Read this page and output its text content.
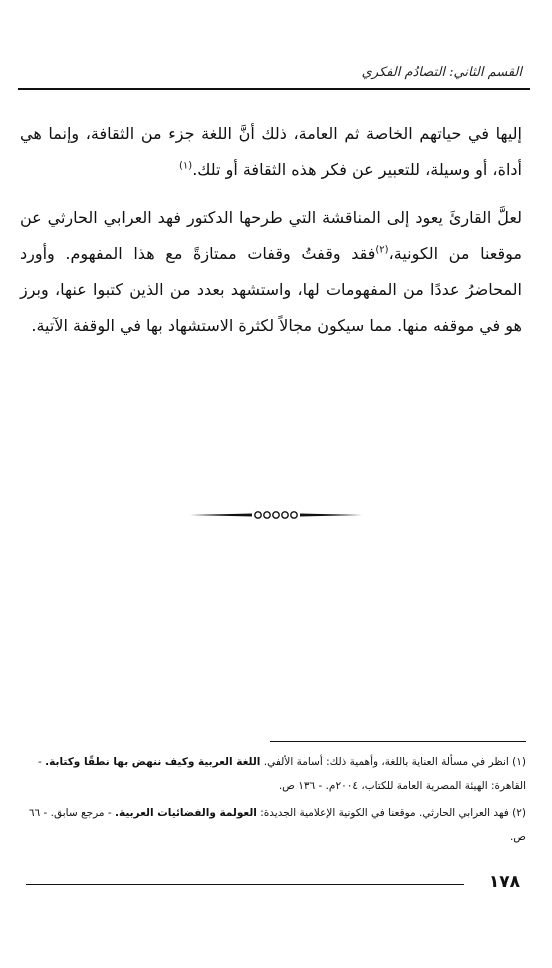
القسم الثاني: التصادُم الفكري

إليها في حياتهم الخاصة ثم العامة، ذلك أنَّ اللغة جزء من الثقافة، وإنما هي أداة، أو وسيلة، للتعبير عن فكر هذه الثقافة أو تلك.$^{(١)}$

لعلَّ القارئَ يعود إلى المناقشة التي طرحها الدكتور فهد العرابي الحارثي عن موقعنا من الكونية،$^{(٢)}$فقد وقفتُ وقفات ممتازةً مع هذا المفهوم. وأورد المحاضرُ عددًا من المفهومات لها، واستشهد بعدد من الذين كتبوا عنها، وبرز هو في موقفه منها. مما سيكون مجالاً لكثرة الاستشهاد بها في الوقفة الآتية.

(١) انظر في مسألة العناية باللغة، وأهمية ذلك: أسامة الألفي. اللغة العربية وكيف ننهض بها نطقًا وكتابة. - القاهرة: الهيئة المصرية العامة للكتاب، ٢٠٠٤م. - ١٣٦ ص.

(٢) فهد العرابي الحارثي. موقعنا في الكونية الإعلامية الجديدة: العولمة والفضائيات العربية. - مرجع سابق. - ٦٦ ص.

١٧٨
